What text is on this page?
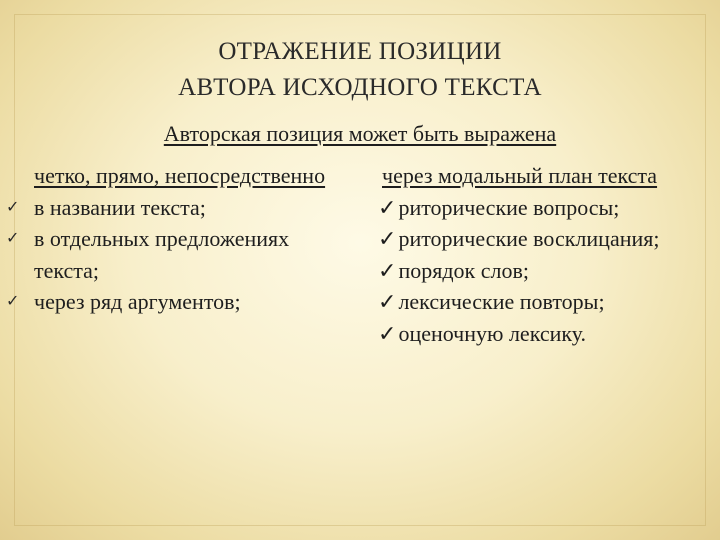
ОТРАЖЕНИЕ ПОЗИЦИИ
АВТОРА ИСХОДНОГО ТЕКСТА
Авторская позиция может быть выражена
четко, прямо, непосредственно
✓ в названии текста;
✓ в отдельных предложениях текста;
✓ через ряд аргументов;
через модальный план текста
✓риторические вопросы;
✓риторические восклицания;
✓порядок слов;
✓лексические повторы;
✓оценочную лексику.
